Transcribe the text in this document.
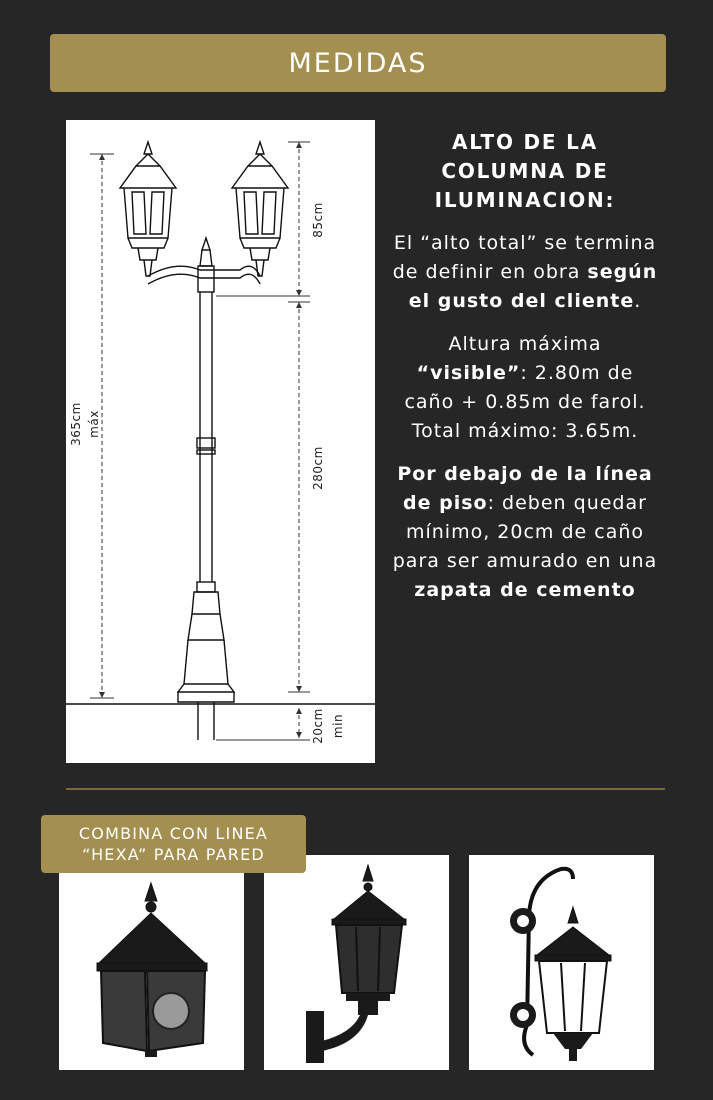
MEDIDAS
85cm
280cm
365cm máx
20cm min
ALTO DE LA COLUMNA DE ILUMINACION:

El “alto total” se termina de definir en obra según el gusto del cliente.

Altura máxima “visible”: 2.80m de caño + 0.85m de farol.
Total máximo: 3.65m.

Por debajo de la línea de piso: deben quedar mínimo, 20cm de caño para ser amurado en una zapata de cemento

COMBINA CON LINEA
“HEXA” PARA PARED
